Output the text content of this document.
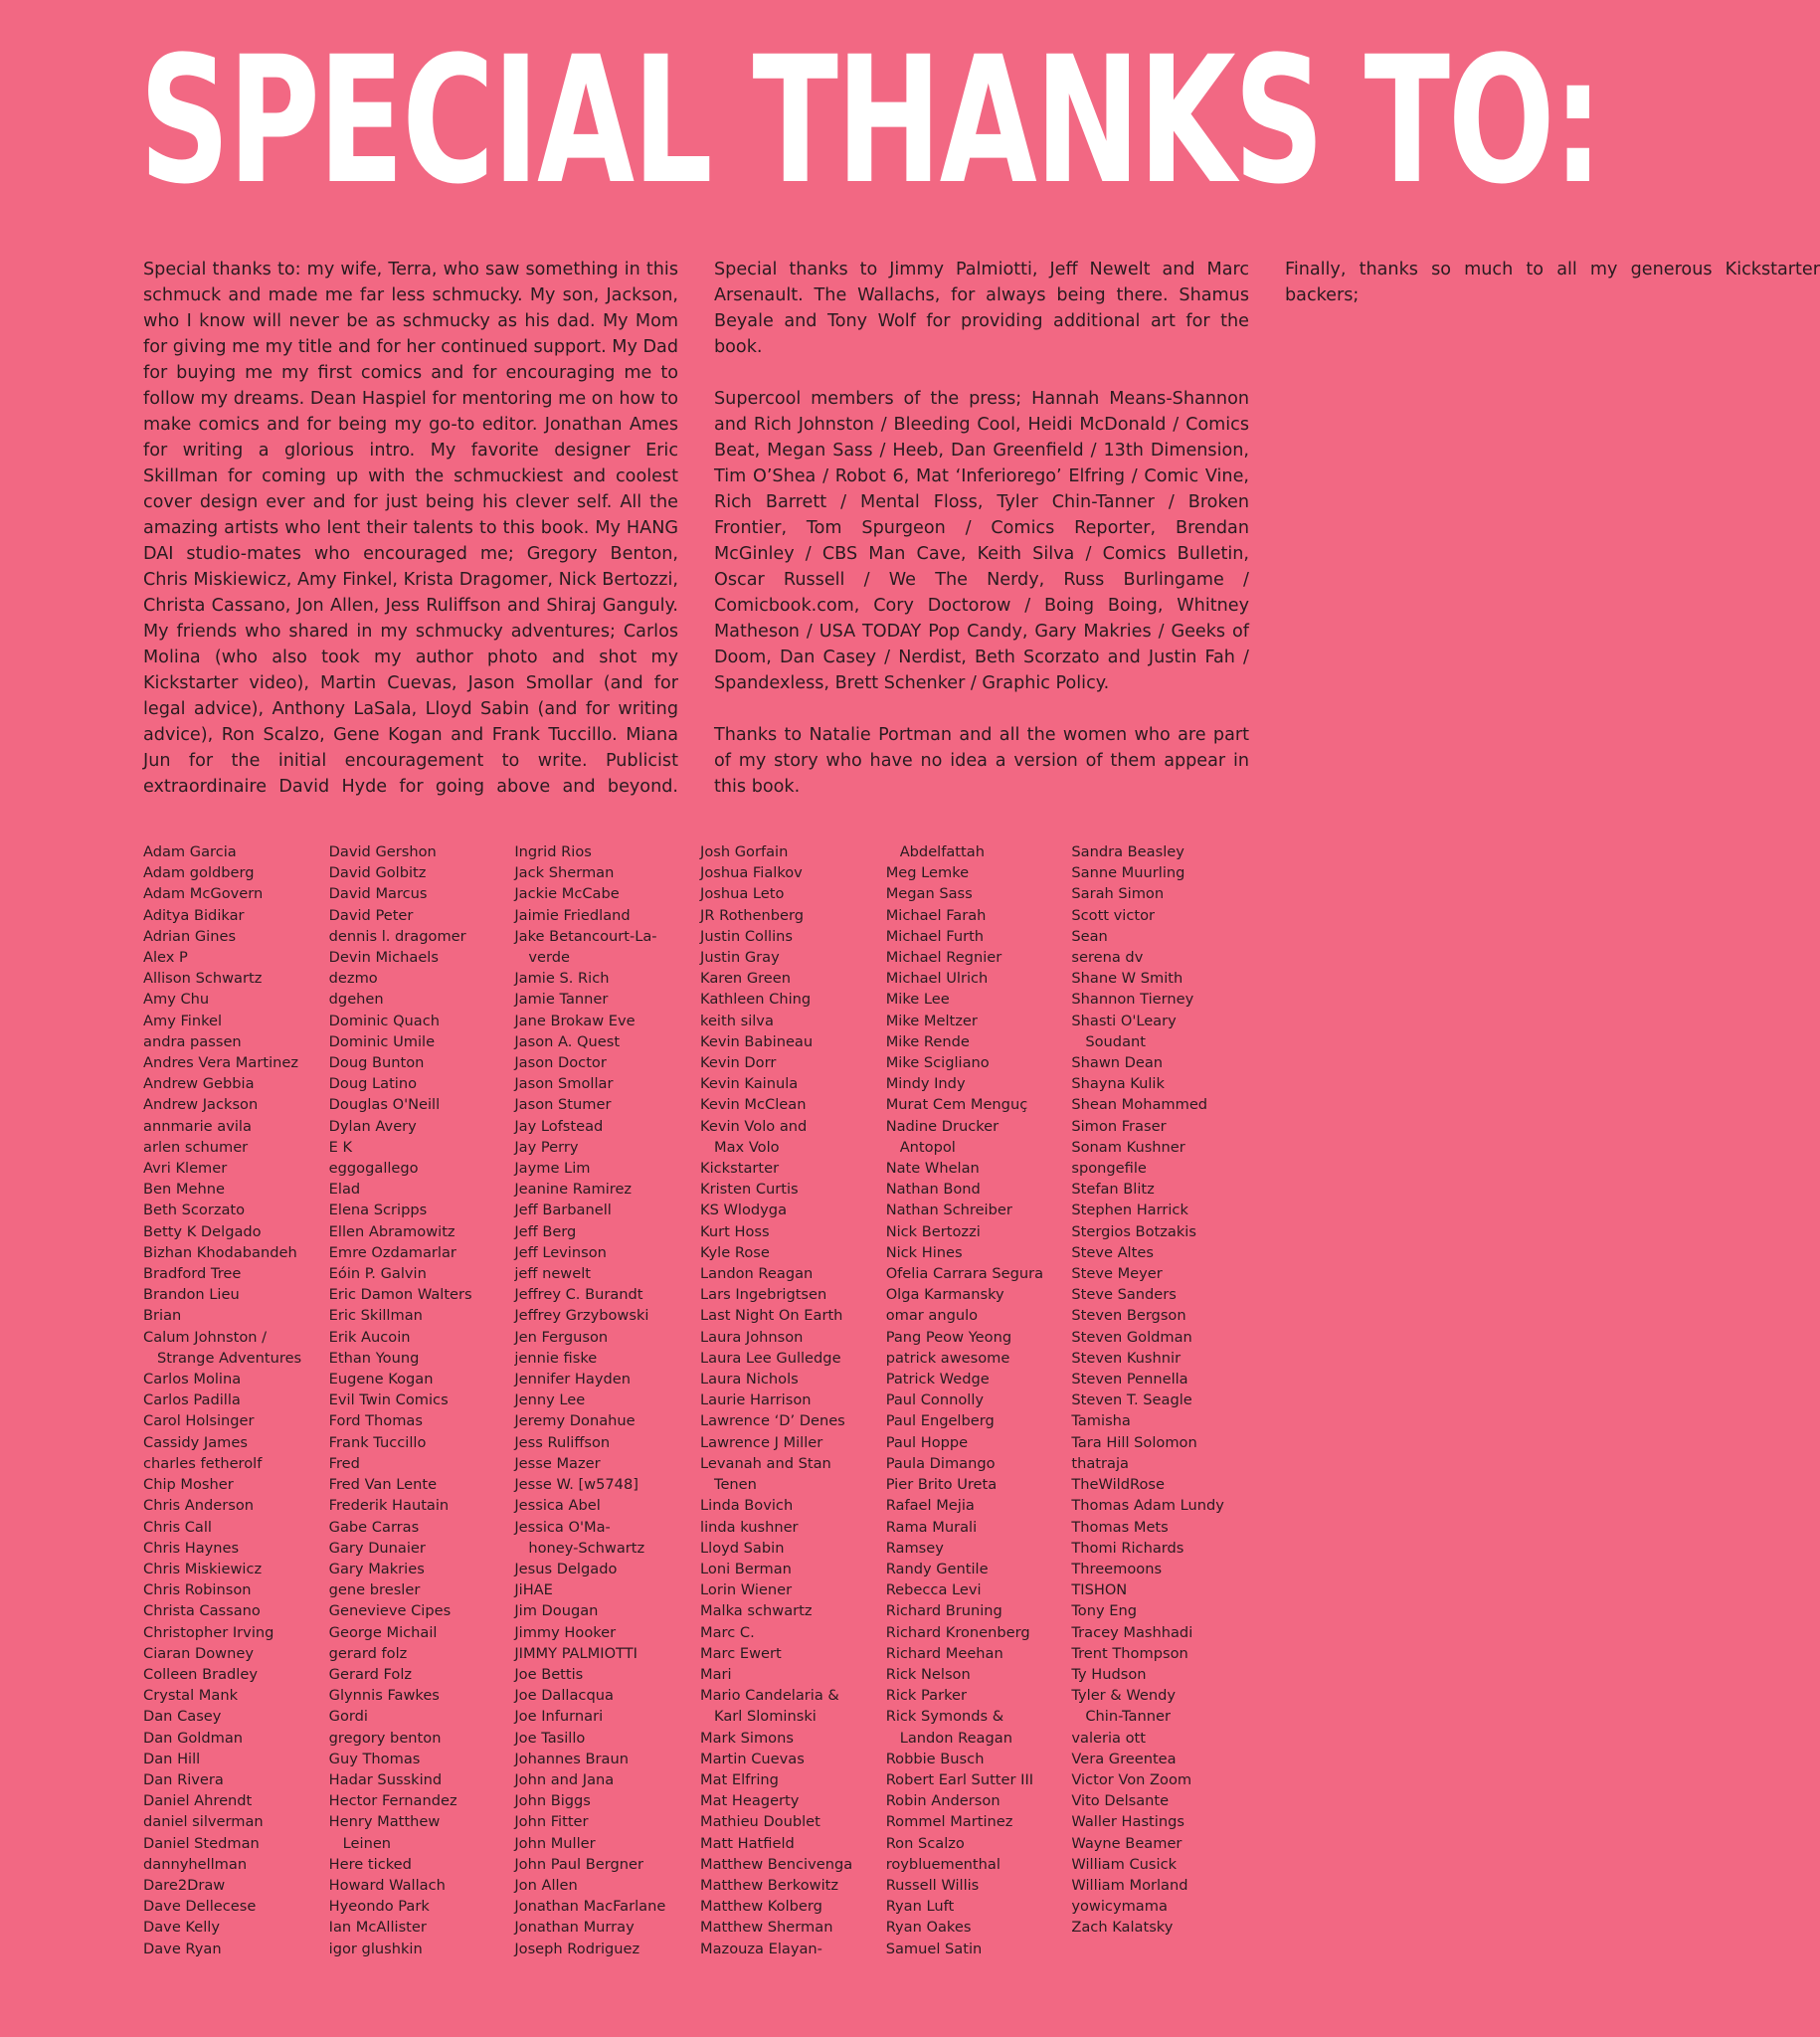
SPECIAL THANKS TO:

Special thanks to: my wife, Terra, who saw something in this schmuck and made me far less schmucky. My son, Jackson, who I know will never be as schmucky as his dad. My Mom for giving me my title and for her continued support. My Dad for buying me my first comics and for encouraging me to follow my dreams. Dean Haspiel for mentoring me on how to make comics and for being my go-to editor. Jonathan Ames for writing a glorious intro. My favorite designer Eric Skillman for coming up with the schmuckiest and coolest cover design ever and for just being his clever self. All the amazing artists who lent their talents to this book. My HANG DAI studio-mates who encouraged me; Gregory Benton, Chris Miskiewicz, Amy Finkel, Krista Dragomer, Nick Bertozzi, Christa Cassano, Jon Allen, Jess Ruliffson and Shiraj Ganguly. My friends who shared in my schmucky adventures; Carlos Molina (who also took my author photo and shot my Kickstarter video), Martin Cuevas, Jason Smollar (and for legal advice), Anthony LaSala, Lloyd Sabin (and for writing advice), Ron Scalzo, Gene Kogan and Frank Tuccillo. Miana Jun for the initial encouragement to write. Publicist extraordinaire David Hyde for going above and beyond. Special thanks to Jimmy Palmiotti, Jeff Newelt and Marc Arsenault. The Wallachs, for always being there. Shamus Beyale and Tony Wolf for providing additional art for the book.

Supercool members of the press; Hannah Means-Shannon and Rich Johnston / Bleeding Cool, Heidi McDonald / Comics Beat, Megan Sass / Heeb, Dan Greenfield / 13th Dimension, Tim O’Shea / Robot 6, Mat ‘Inferiorego’ Elfring / Comic Vine, Rich Barrett / Mental Floss, Tyler Chin-Tanner / Broken Frontier, Tom Spurgeon / Comics Reporter, Brendan McGinley / CBS Man Cave, Keith Silva / Comics Bulletin, Oscar Russell / We The Nerdy, Russ Burlingame / Comicbook.com, Cory Doctorow / Boing Boing, Whitney Matheson / USA TODAY Pop Candy, Gary Makries / Geeks of Doom, Dan Casey / Nerdist, Beth Scorzato and Justin Fah / Spandexless, Brett Schenker / Graphic Policy.

Thanks to Natalie Portman and all the women who are part of my story who have no idea a version of them appear in this book.

Finally, thanks so much to all my generous Kickstarter backers;

Adam Garcia
Adam goldberg
Adam McGovern
Aditya Bidikar
Adrian Gines
Alex P
Allison Schwartz
Amy Chu
Amy Finkel
andra passen
Andres Vera Martinez
Andrew Gebbia
Andrew Jackson
annmarie avila
arlen schumer
Avri Klemer
Ben Mehne
Beth Scorzato
Betty K Delgado
Bizhan Khodabandeh
Bradford Tree
Brandon Lieu
Brian
Calum Johnston /
Strange Adventures
Carlos Molina
Carlos Padilla
Carol Holsinger
Cassidy James
charles fetherolf
Chip Mosher
Chris Anderson
Chris Call
Chris Haynes
Chris Miskiewicz
Chris Robinson
Christa Cassano
Christopher Irving
Ciaran Downey
Colleen Bradley
Crystal Mank
Dan Casey
Dan Goldman
Dan Hill
Dan Rivera
Daniel Ahrendt
daniel silverman
Daniel Stedman
dannyhellman
Dare2Draw
Dave Dellecese
Dave Kelly
Dave Ryan
David Gershon
David Golbitz
David Marcus
David Peter
dennis l. dragomer
Devin Michaels
dezmo
dgehen
Dominic Quach
Dominic Umile
Doug Bunton
Doug Latino
Douglas O'Neill
Dylan Avery
E K
eggogallego
Elad
Elena Scripps
Ellen Abramowitz
Emre Ozdamarlar
Eóin P. Galvin
Eric Damon Walters
Eric Skillman
Erik Aucoin
Ethan Young
Eugene Kogan
Evil Twin Comics
Ford Thomas
Frank Tuccillo
Fred
Fred Van Lente
Frederik Hautain
Gabe Carras
Gary Dunaier
Gary Makries
gene bresler
Genevieve Cipes
George Michail
gerard folz
Gerard Folz
Glynnis Fawkes
Gordi
gregory benton
Guy Thomas
Hadar Susskind
Hector Fernandez
Henry Matthew
Leinen
Here ticked
Howard Wallach
Hyeondo Park
Ian McAllister
igor glushkin
Ingrid Rios
Jack Sherman
Jackie McCabe
Jaimie Friedland
Jake Betancourt-La-
verde
Jamie S. Rich
Jamie Tanner
Jane Brokaw Eve
Jason A. Quest
Jason Doctor
Jason Smollar
Jason Stumer
Jay Lofstead
Jay Perry
Jayme Lim
Jeanine Ramirez
Jeff Barbanell
Jeff Berg
Jeff Levinson
jeff newelt
Jeffrey C. Burandt
Jeffrey Grzybowski
Jen Ferguson
jennie fiske
Jennifer Hayden
Jenny Lee
Jeremy Donahue
Jess Ruliffson
Jesse Mazer
Jesse W. [w5748]
Jessica Abel
Jessica O'Ma-
honey-Schwartz
Jesus Delgado
JiHAE
Jim Dougan
Jimmy Hooker
JIMMY PALMIOTTI
Joe Bettis
Joe Dallacqua
Joe Infurnari
Joe Tasillo
Johannes Braun
John and Jana
John Biggs
John Fitter
John Muller
John Paul Bergner
Jon Allen
Jonathan MacFarlane
Jonathan Murray
Joseph Rodriguez
Josh Gorfain
Joshua Fialkov
Joshua Leto
JR Rothenberg
Justin Collins
Justin Gray
Karen Green
Kathleen Ching
keith silva
Kevin Babineau
Kevin Dorr
Kevin Kainula
Kevin McClean
Kevin Volo and
Max Volo
Kickstarter
Kristen Curtis
KS Wlodyga
Kurt Hoss
Kyle Rose
Landon Reagan
Lars Ingebrigtsen
Last Night On Earth
Laura Johnson
Laura Lee Gulledge
Laura Nichols
Laurie Harrison
Lawrence ‘D’ Denes
Lawrence J Miller
Levanah and Stan
Tenen
Linda Bovich
linda kushner
Lloyd Sabin
Loni Berman
Lorin Wiener
Malka schwartz
Marc C.
Marc Ewert
Mari
Mario Candelaria &
Karl Slominski
Mark Simons
Martin Cuevas
Mat Elfring
Mat Heagerty
Mathieu Doublet
Matt Hatfield
Matthew Bencivenga
Matthew Berkowitz
Matthew Kolberg
Matthew Sherman
Mazouza Elayan-
Abdelfattah
Meg Lemke
Megan Sass
Michael Farah
Michael Furth
Michael Regnier
Michael Ulrich
Mike Lee
Mike Meltzer
Mike Rende
Mike Scigliano
Mindy Indy
Murat Cem Menguç
Nadine Drucker
Antopol
Nate Whelan
Nathan Bond
Nathan Schreiber
Nick Bertozzi
Nick Hines
Ofelia Carrara Segura
Olga Karmansky
omar angulo
Pang Peow Yeong
patrick awesome
Patrick Wedge
Paul Connolly
Paul Engelberg
Paul Hoppe
Paula Dimango
Pier Brito Ureta
Rafael Mejia
Rama Murali
Ramsey
Randy Gentile
Rebecca Levi
Richard Bruning
Richard Kronenberg
Richard Meehan
Rick Nelson
Rick Parker
Rick Symonds &
Landon Reagan
Robbie Busch
Robert Earl Sutter III
Robin Anderson
Rommel Martinez
Ron Scalzo
roybluementhal
Russell Willis
Ryan Luft
Ryan Oakes
Samuel Satin
Sandra Beasley
Sanne Muurling
Sarah Simon
Scott victor
Sean
serena dv
Shane W Smith
Shannon Tierney
Shasti O'Leary
Soudant
Shawn Dean
Shayna Kulik
Shean Mohammed
Simon Fraser
Sonam Kushner
spongefile
Stefan Blitz
Stephen Harrick
Stergios Botzakis
Steve Altes
Steve Meyer
Steve Sanders
Steven Bergson
Steven Goldman
Steven Kushnir
Steven Pennella
Steven T. Seagle
Tamisha
Tara Hill Solomon
thatraja
TheWildRose
Thomas Adam Lundy
Thomas Mets
Thomi Richards
Threemoons
TISHON
Tony Eng
Tracey Mashhadi
Trent Thompson
Ty Hudson
Tyler & Wendy
Chin-Tanner
valeria ott
Vera Greentea
Victor Von Zoom
Vito Delsante
Waller Hastings
Wayne Beamer
William Cusick
William Morland
yowicymama
Zach Kalatsky
